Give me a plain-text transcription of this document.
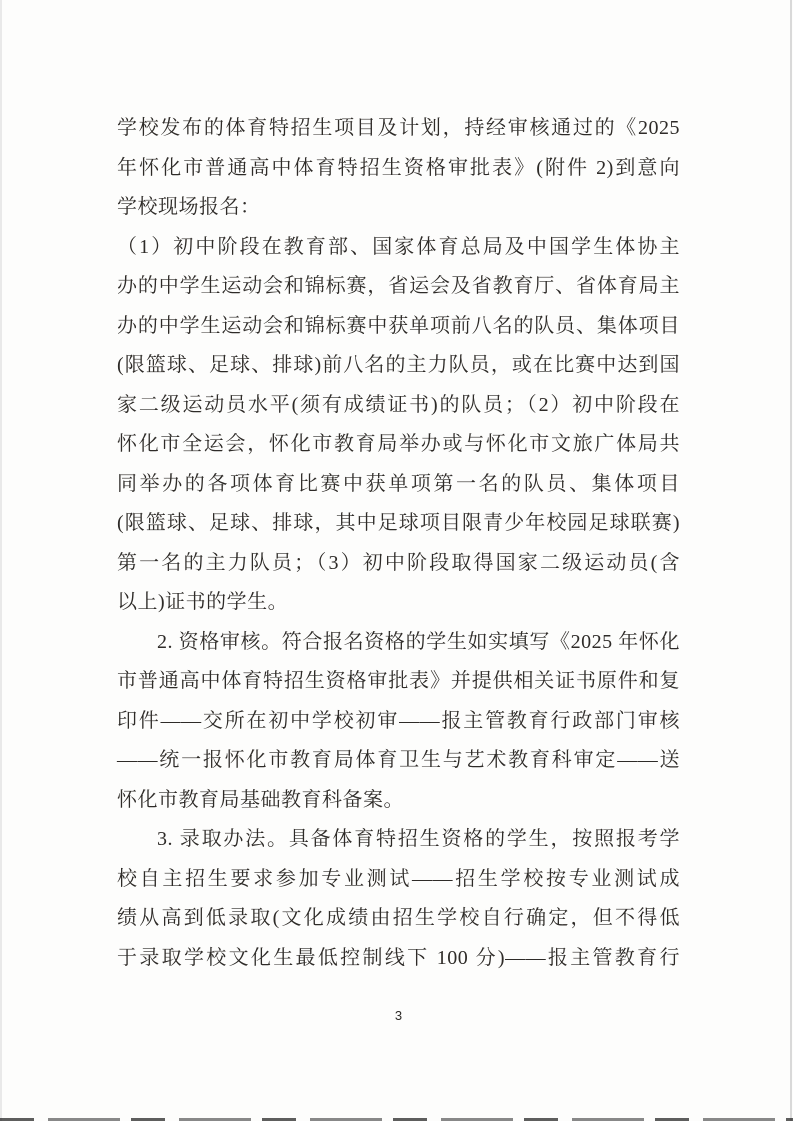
学校发布的体育特招生项目及计划，持经审核通过的《2025
年怀化市普通高中体育特招生资格审批表》(附件 2)到意向
学校现场报名：
（1）初中阶段在教育部、国家体育总局及中国学生体协主
办的中学生运动会和锦标赛，省运会及省教育厅、省体育局主
办的中学生运动会和锦标赛中获单项前八名的队员、集体项目
(限篮球、足球、排球)前八名的主力队员，或在比赛中达到国
家二级运动员水平(须有成绩证书)的队员；（2）初中阶段在
怀化市全运会，怀化市教育局举办或与怀化市文旅广体局共
同举办的各项体育比赛中获单项第一名的队员、集体项目
(限篮球、足球、排球，其中足球项目限青少年校园足球联赛)
第一名的主力队员；（3）初中阶段取得国家二级运动员(含
以上)证书的学生。
2. 资格审核。符合报名资格的学生如实填写《2025 年怀化
市普通高中体育特招生资格审批表》并提供相关证书原件和复
印件——交所在初中学校初审——报主管教育行政部门审核
——统一报怀化市教育局体育卫生与艺术教育科审定——送
怀化市教育局基础教育科备案。
3. 录取办法。具备体育特招生资格的学生，按照报考学
校自主招生要求参加专业测试——招生学校按专业测试成
绩从高到低录取(文化成绩由招生学校自行确定，但不得低
于录取学校文化生最低控制线下 100 分)——报主管教育行
3
